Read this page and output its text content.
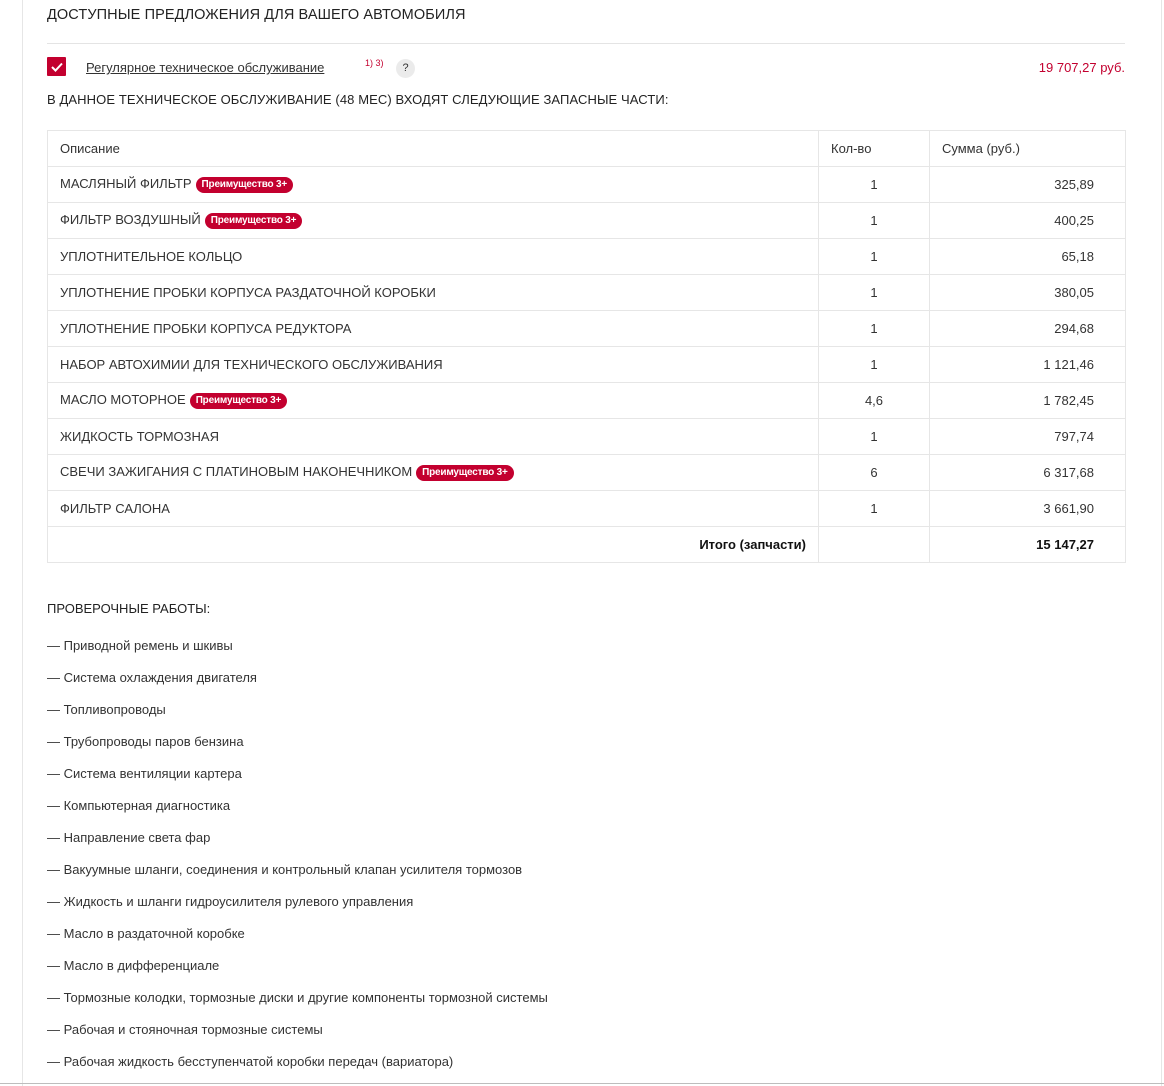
ДОСТУПНЫЕ ПРЕДЛОЖЕНИЯ ДЛЯ ВАШЕГО АВТОМОБИЛЯ
Регулярное техническое обслуживание	1) 3)	?	19 707,27 руб.
В ДАННОЕ ТЕХНИЧЕСКОЕ ОБСЛУЖИВАНИЕ (48 МЕС) ВХОДЯТ СЛЕДУЮЩИЕ ЗАПАСНЫЕ ЧАСТИ:
Описание	Кол-во	Сумма (руб.)
МАСЛЯНЫЙ ФИЛЬТР Преимущество 3+	1	325,89
ФИЛЬТР ВОЗДУШНЫЙ Преимущество 3+	1	400,25
УПЛОТНИТЕЛЬНОЕ КОЛЬЦО	1	65,18
УПЛОТНЕНИЕ ПРОБКИ КОРПУСА РАЗДАТОЧНОЙ КОРОБКИ	1	380,05
УПЛОТНЕНИЕ ПРОБКИ КОРПУСА РЕДУКТОРА	1	294,68
НАБОР АВТОХИМИИ ДЛЯ ТЕХНИЧЕСКОГО ОБСЛУЖИВАНИЯ	1	1 121,46
МАСЛО МОТОРНОЕ Преимущество 3+	4,6	1 782,45
ЖИДКОСТЬ ТОРМОЗНАЯ	1	797,74
СВЕЧИ ЗАЖИГАНИЯ С ПЛАТИНОВЫМ НАКОНЕЧНИКОМ Преимущество 3+	6	6 317,68
ФИЛЬТР САЛОНА	1	3 661,90
Итого (запчасти)		15 147,27
ПРОВЕРОЧНЫЕ РАБОТЫ:
— Приводной ремень и шкивы
— Система охлаждения двигателя
— Топливопроводы
— Трубопроводы паров бензина
— Система вентиляции картера
— Компьютерная диагностика
— Направление света фар
— Вакуумные шланги, соединения и контрольный клапан усилителя тормозов
— Жидкость и шланги гидроусилителя рулевого управления
— Масло в раздаточной коробке
— Масло в дифференциале
— Тормозные колодки, тормозные диски и другие компоненты тормозной системы
— Рабочая и стояночная тормозные системы
— Рабочая жидкость бесступенчатой коробки передач (вариатора)
